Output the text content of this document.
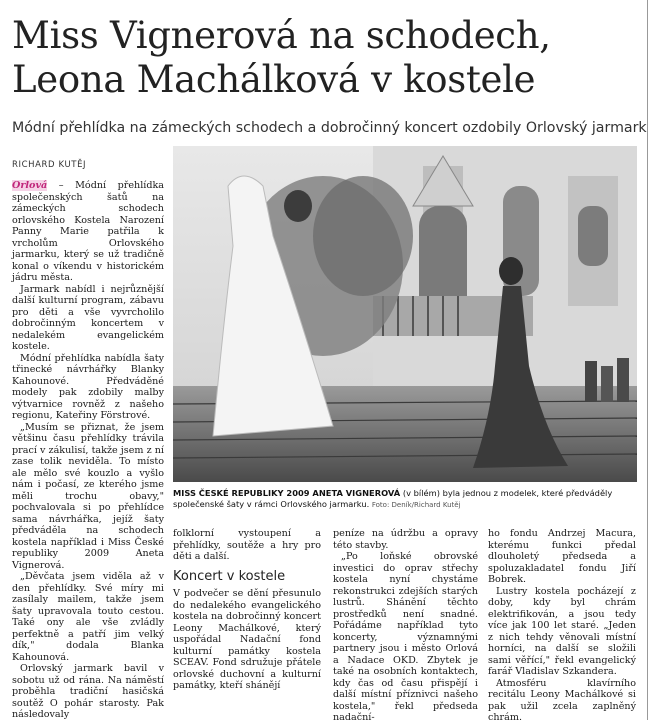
Miss Vignerová na schodech,
Leona Machálková v kostele
Módní přehlídka na zámeckých schodech a dobročinný koncert ozdobily Orlovský jarmark
RICHARD KUTĚJ

Orlová – Módní přehlídka společenských šatů na zámeckých schodech orlovského Kostela Narození Panny Marie patřila k vrcholům Orlovského jarmarku, který se už tradičně konal o víkendu v historickém jádru města.

Jarmark nabídl i nejrůznější další kulturní program, zábavu pro děti a vše vyvrcholilo dobročinným koncertem v nedalekém evangelickém kostele.

Módní přehlídka nabídla šaty třinecké návrhářky Blanky Kahounové. Předváděné modely pak zdobily malby výtvarnice rovněž z našeho regionu, Kateřiny Förstrové.

„Musím se přiznat, že jsem většinu času přehlídky trávila prací v zákulisí, takže jsem z ní zase tolik neviděla. To místo ale mělo své kouzlo a vyšlo nám i počasí, ze kterého jsme měli trochu obavy," pochvalovala si po přehlídce sama návrhářka, jejíž šaty předváděla na schodech kostela například i Miss České republiky 2009 Aneta Vignerová.

„Děvčata jsem viděla až v den přehlídky. Své míry mi zasílaly mailem, takže jsem šaty upravovala touto cestou. Také ony ale vše zvládly perfektně a patří jim velký dík," dodala Blanka Kahounová.

Orlovský jarmark bavil v sobotu už od rána. Na náměstí proběhla tradiční hasičská soutěž O pohár starosty. Pak následovaly

MISS ČESKÉ REPUBLIKY 2009 ANETA VIGNEROVÁ (v bílém) byla jednou z modelek, které předváděly společenské šaty v rámci Orlovského jarmarku. Foto: Deník/Richard Kutěj

folklorní vystoupení a přehlídky, soutěže a hry pro děti a další.

Koncert v kostele

V podvečer se dění přesunulo do nedalekého evangelického kostela na dobročinný koncert Leony Machálkové, který uspořádal Nadační fond kulturní památky kostela SCEAV. Fond sdružuje přátele orlovské duchovní a kulturní památky, kteří shánějí

peníze na údržbu a opravy této stavby.

„Po loňské obrovské investici do oprav střechy kostela nyní chystáme rekonstrukci zdejších starých lustrů. Shánění těchto prostředků není snadné. Pořádáme například tyto koncerty, významnými partnery jsou i město Orlová a Nadace OKD. Zbytek je také na osobních kontaktech, kdy čas od času přispějí i další místní příznivci našeho kostela," řekl předseda nadační-

ho fondu Andrzej Macura, kterému funkci předal dlouholetý předseda a spoluzakladatel fondu Jiří Bobrek.

Lustry kostela pocházejí z doby, kdy byl chrám elektrifikován, a jsou tedy více jak 100 let staré. „Jeden z nich tehdy věnovali místní horníci, na další se složili sami věřící," řekl evangelický farář Vladislav Szkandera.

Atmosféru klavírního recitálu Leony Machálkové si pak užil zcela zaplněný chrám.
